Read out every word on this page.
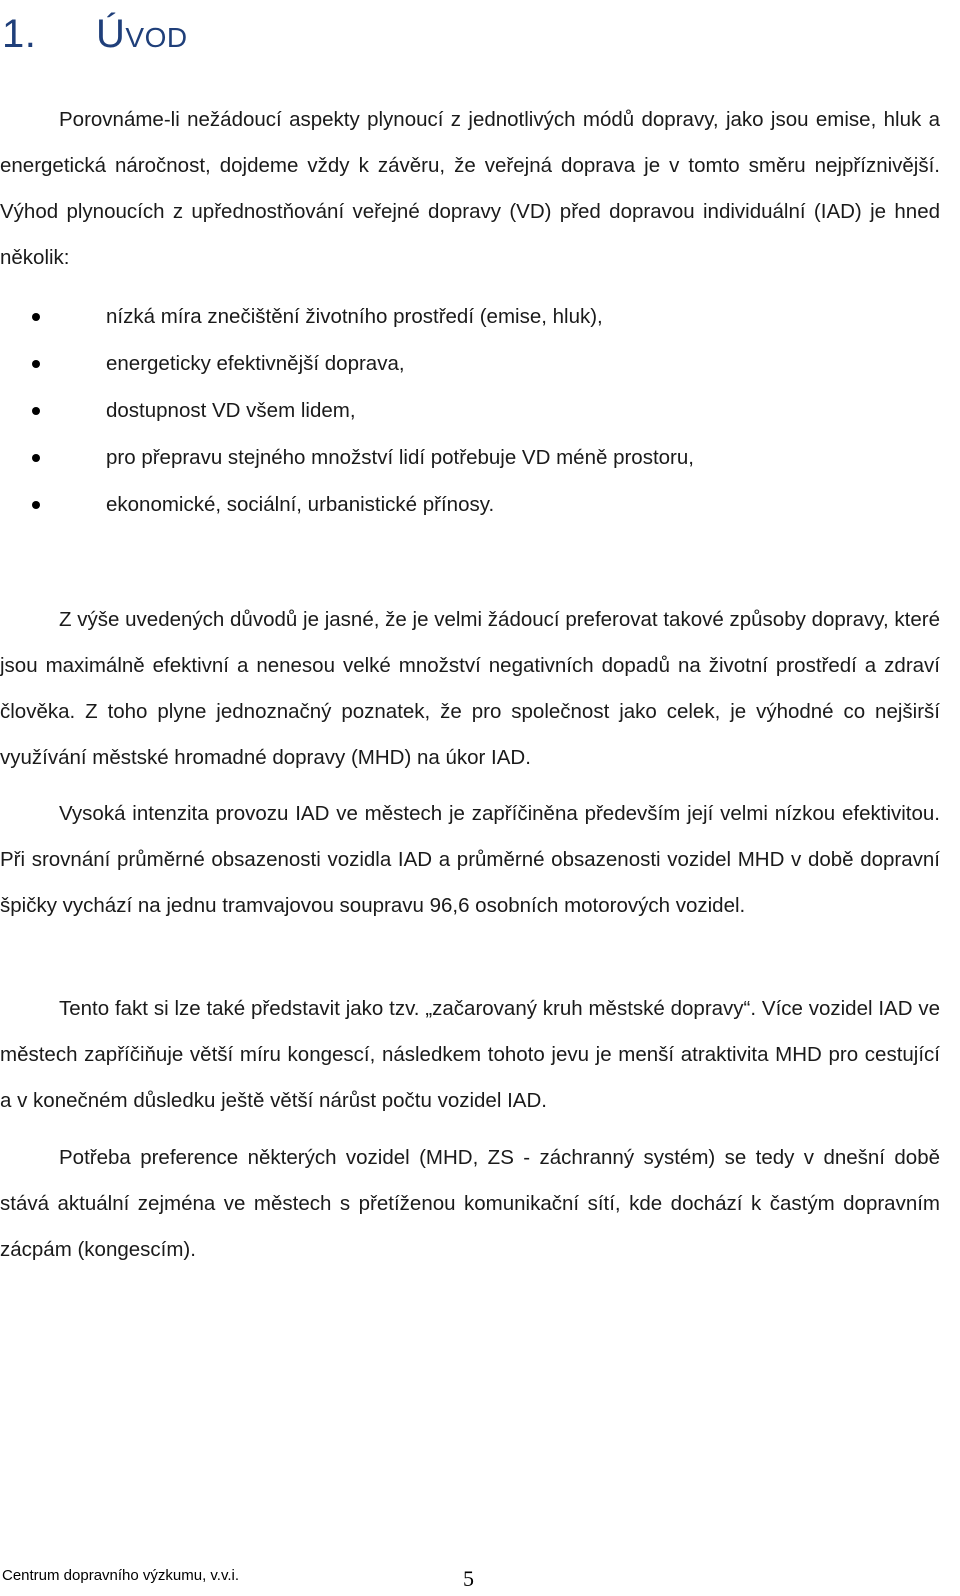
1. Úvod

Porovnáme-li nežádoucí aspekty plynoucí z jednotlivých módů dopravy, jako jsou emise, hluk a energetická náročnost, dojdeme vždy k závěru, že veřejná doprava je v tomto směru nejpříznivější. Výhod plynoucích z upřednostňování veřejné dopravy (VD) před dopravou individuální (IAD) je hned několik:

nízká míra znečištění životního prostředí (emise, hluk),
energeticky efektivnější doprava,
dostupnost VD všem lidem,
pro přepravu stejného množství lidí potřebuje VD méně prostoru,
ekonomické, sociální, urbanistické přínosy.

Z výše uvedených důvodů je jasné, že je velmi žádoucí preferovat takové způsoby dopravy, které jsou maximálně efektivní a nenesou velké množství negativních dopadů na životní prostředí a zdraví člověka. Z toho plyne jednoznačný poznatek, že pro společnost jako celek, je výhodné co nejširší využívání městské hromadné dopravy (MHD) na úkor IAD.

Vysoká intenzita provozu IAD ve městech je zapříčiněna především její velmi nízkou efektivitou. Při srovnání průměrné obsazenosti vozidla IAD a průměrné obsazenosti vozidel MHD v době dopravní špičky vychází na jednu tramvajovou soupravu 96,6 osobních motorových vozidel.

Tento fakt si lze také představit jako tzv. „začarovaný kruh městské dopravy“. Více vozidel IAD ve městech zapříčiňuje větší míru kongescí, následkem tohoto jevu je menší atraktivita MHD pro cestující a v konečném důsledku ještě větší nárůst počtu vozidel IAD.

Potřeba preference některých vozidel (MHD, ZS - záchranný systém) se tedy v dnešní době stává aktuální zejména ve městech s přetíženou komunikační sítí, kde dochází k častým dopravním zácpám (kongescím).

Centrum dopravního výzkumu, v.v.i.	5
